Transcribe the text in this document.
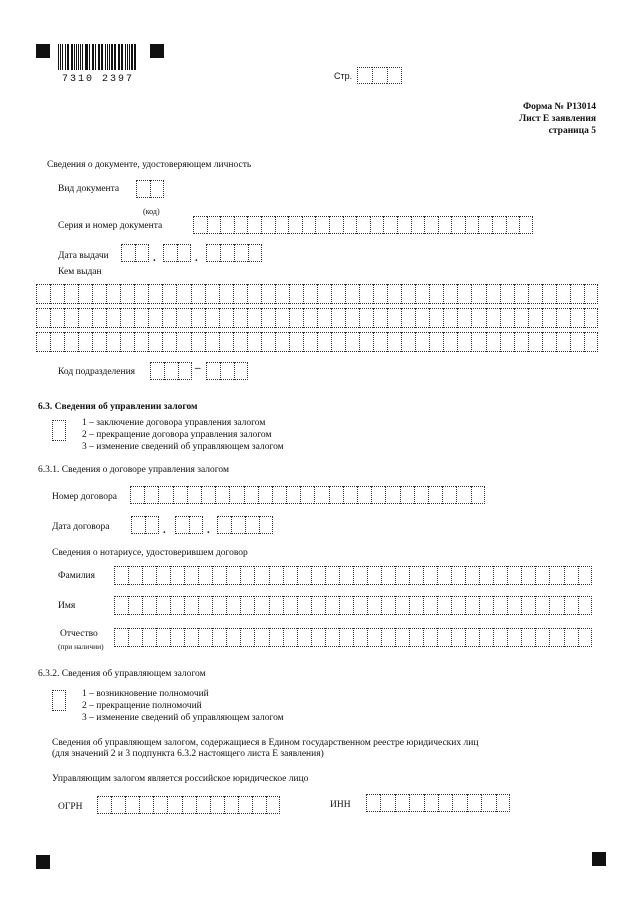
7310 2397	Стр.
Форма № Р13014
Лист Е заявления
страница 5
Сведения о документе, удостоверяющем личность
Вид документа
(код)
Серия и номер документа
Дата выдачи	.	.
Кем выдан
Код подразделения	–
6.3. Сведения об управлении залогом
1 – заключение договора управления залогом
2 – прекращение договора управления залогом
3 – изменение сведений об управляющем залогом
6.3.1. Сведения о договоре управления залогом
Номер договора
Дата договора	.	.
Сведения о нотариусе, удостоверившем договор
Фамилия
Имя
Отчество
(при наличии)
6.3.2. Сведения об управляющем залогом
1 – возникновение полномочий
2 – прекращение полномочий
3 – изменение сведений об управляющем залогом
Сведения об управляющем залогом, содержащиеся в Едином государственном реестре юридических лиц
(для значений 2 и 3 подпункта 6.3.2 настоящего листа Е заявления)
Управляющим залогом является российское юридическое лицо
ОГРН	ИНН
